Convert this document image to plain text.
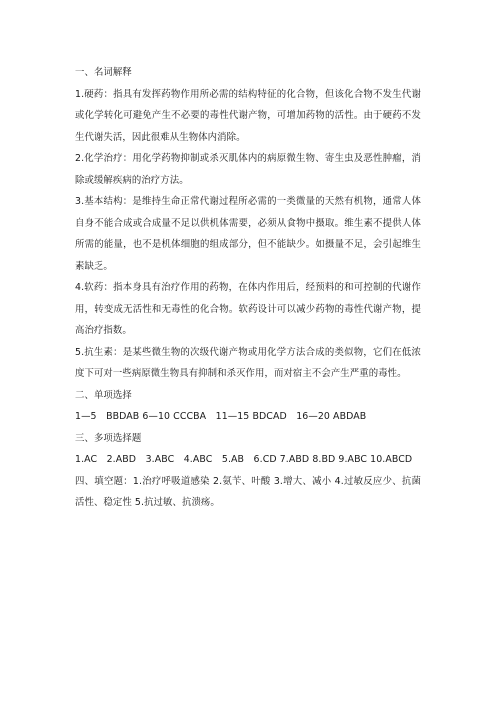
一、名词解释

1.硬药：指具有发挥药物作用所必需的结构特征的化合物，但该化合物不发生代谢或化学转化可避免产生不必要的毒性代谢产物，可增加药物的活性。由于硬药不发生代谢失活，因此很难从生物体内消除。

2.化学治疗：用化学药物抑制或杀灭肌体内的病原微生物、寄生虫及恶性肿瘤，消除或缓解疾病的治疗方法。

3.基本结构：是维持生命正常代谢过程所必需的一类微量的天然有机物，通常人体自身不能合成或合成量不足以供机体需要，必须从食物中摄取。维生素不提供人体所需的能量，也不是机体细胞的组成部分，但不能缺少。如摄量不足，会引起维生素缺乏。

4.软药：指本身具有治疗作用的药物，在体内作用后，经预料的和可控制的代谢作用，转变成无活性和无毒性的化合物。软药设计可以减少药物的毒性代谢产物，提高治疗指数。

5.抗生素：是某些微生物的次级代谢产物或用化学方法合成的类似物，它们在低浓度下可对一些病原微生物具有抑制和杀灭作用，而对宿主不会产生严重的毒性。

二、单项选择

1—5　BBDAB 6—10 CCCBA　11—15 BDCAD　16—20 ABDAB

三、多项选择题

1.AC　2.ABD　3.ABC　4.ABC　5.AB　6.CD 7.ABD 8.BD 9.ABC 10.ABCD

四、填空题：1.治疗呼吸道感染 2.氨苄、叶酸 3.增大、减小 4.过敏反应少、抗菌活性、稳定性 5.抗过敏、抗溃疡。
